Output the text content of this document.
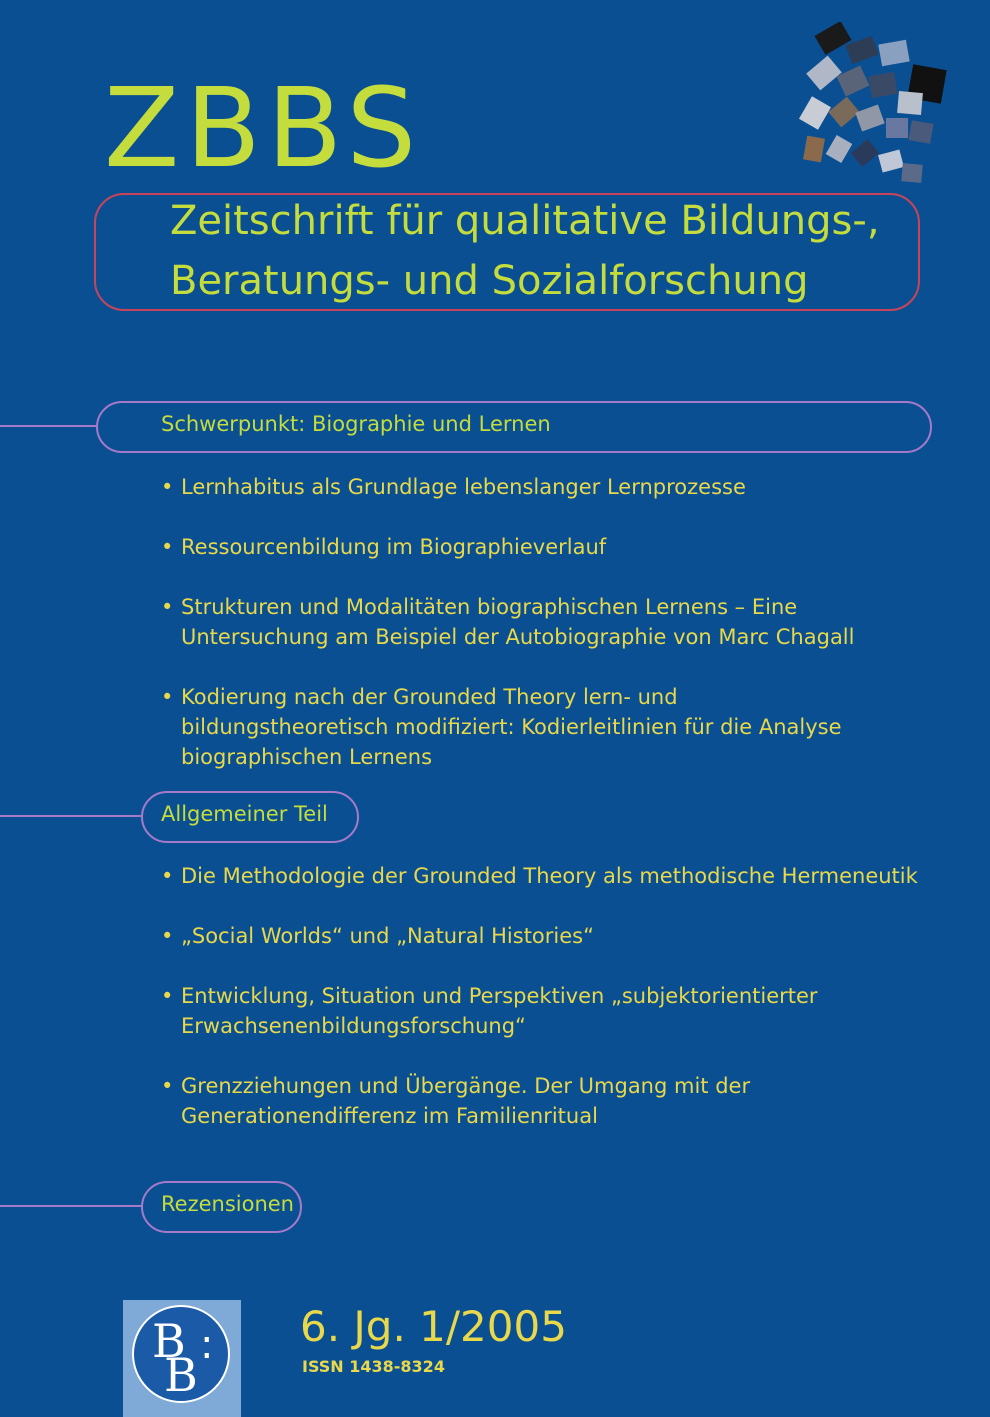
ZBBS
Zeitschrift für qualitative Bildungs-,
Beratungs- und Sozialforschung
Schwerpunkt: Biographie und Lernen
• Lernhabitus als Grundlage lebenslanger Lernprozesse
• Ressourcenbildung im Biographieverlauf
• Strukturen und Modalitäten biographischen Lernens – Eine Untersuchung am Beispiel der Autobiographie von Marc Chagall
• Kodierung nach der Grounded Theory lern- und bildungstheoretisch modifiziert: Kodierleitlinien für die Analyse biographischen Lernens
Allgemeiner Teil
• Die Methodologie der Grounded Theory als methodische Hermeneutik
• „Social Worlds“ und „Natural Histories“
• Entwicklung, Situation und Perspektiven „subjektorientierter Erwachsenenbildungsforschung“
• Grenzziehungen und Übergänge. Der Umgang mit der Generationendifferenz im Familienritual
Rezensionen
B
B
: 6. Jg. 1/2005
ISSN 1438-8324
